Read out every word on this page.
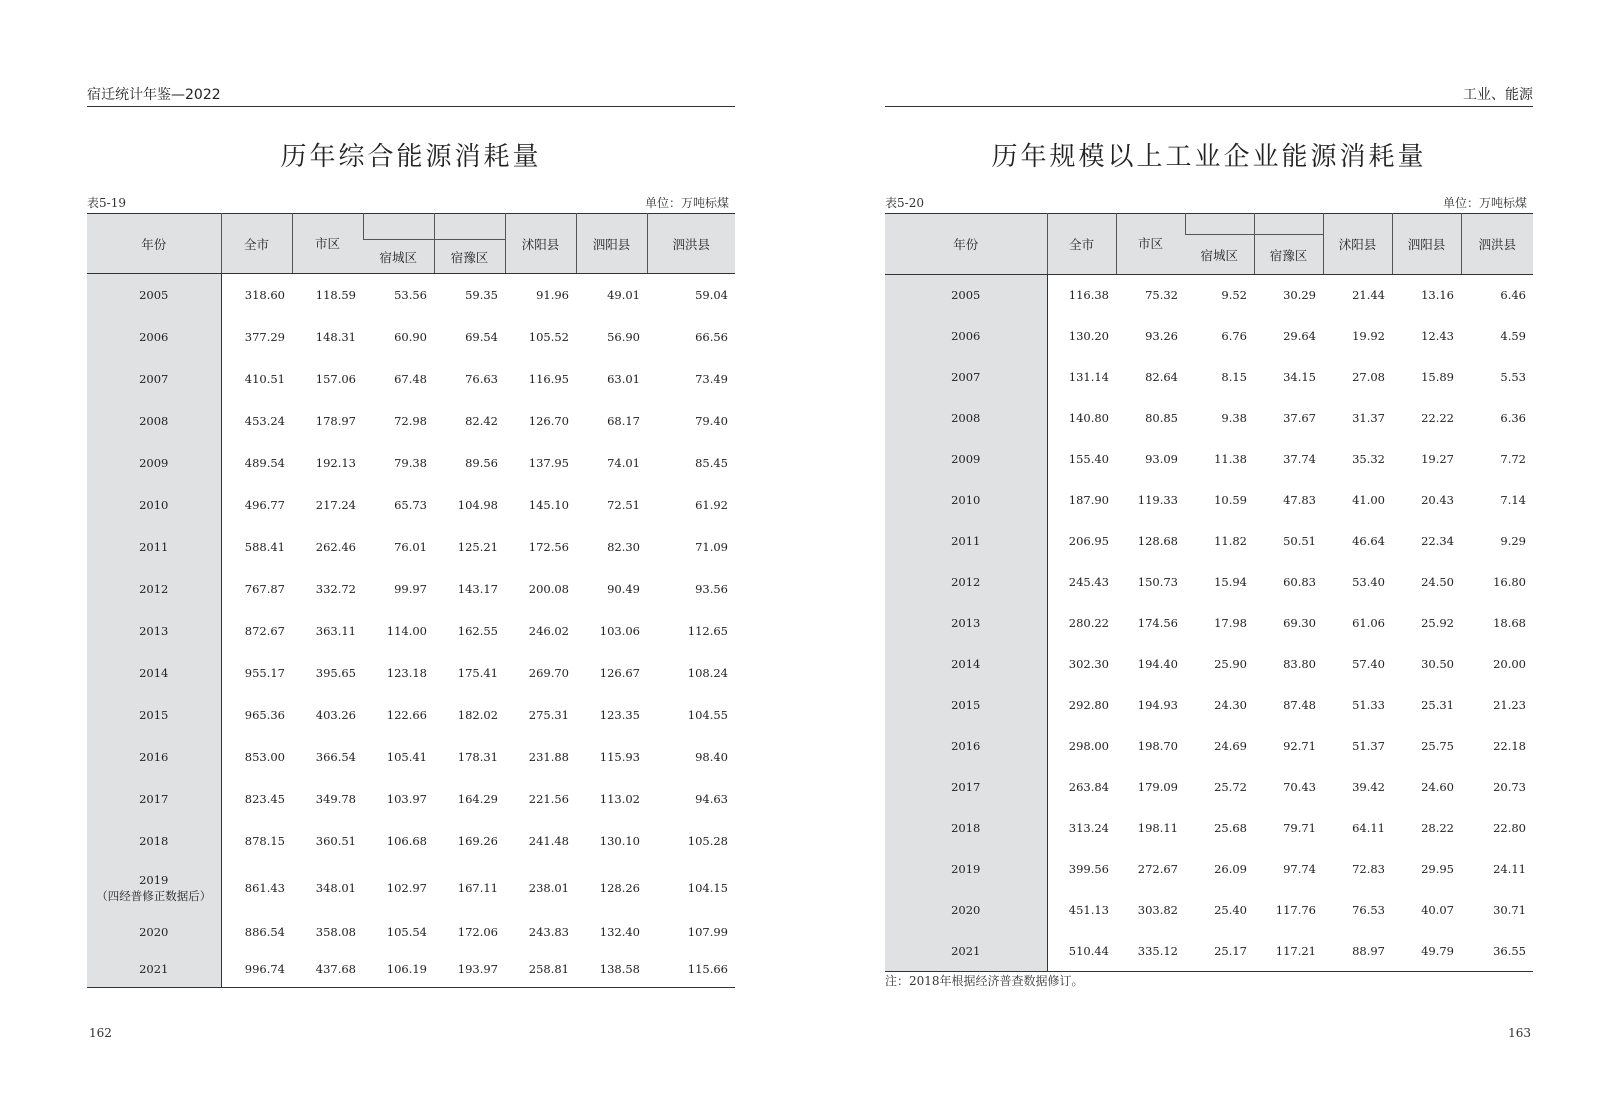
宿迁统计年鉴—2022
历年综合能源消耗量
表5-19	单位：万吨标煤
年份	全市	市区			沭阳县	泗阳县	泗洪县
			宿城区	宿豫区			
2005	318.60	118.59	53.56	59.35	91.96	49.01	59.04
2006	377.29	148.31	60.90	69.54	105.52	56.90	66.56
2007	410.51	157.06	67.48	76.63	116.95	63.01	73.49
2008	453.24	178.97	72.98	82.42	126.70	68.17	79.40
2009	489.54	192.13	79.38	89.56	137.95	74.01	85.45
2010	496.77	217.24	65.73	104.98	145.10	72.51	61.92
2011	588.41	262.46	76.01	125.21	172.56	82.30	71.09
2012	767.87	332.72	99.97	143.17	200.08	90.49	93.56
2013	872.67	363.11	114.00	162.55	246.02	103.06	112.65
2014	955.17	395.65	123.18	175.41	269.70	126.67	108.24
2015	965.36	403.26	122.66	182.02	275.31	123.35	104.55
2016	853.00	366.54	105.41	178.31	231.88	115.93	98.40
2017	823.45	349.78	103.97	164.29	221.56	113.02	94.63
2018	878.15	360.51	106.68	169.26	241.48	130.10	105.28
2019
（四经普修正数据后）	861.43	348.01	102.97	167.11	238.01	128.26	104.15
2020	886.54	358.08	105.54	172.06	243.83	132.40	107.99
2021	996.74	437.68	106.19	193.97	258.81	138.58	115.66
162
工业、能源
历年规模以上工业企业能源消耗量
表5-20	单位：万吨标煤
年份	全市	市区			沭阳县	泗阳县	泗洪县
			宿城区	宿豫区			
2005	116.38	75.32	9.52	30.29	21.44	13.16	6.46
2006	130.20	93.26	6.76	29.64	19.92	12.43	4.59
2007	131.14	82.64	8.15	34.15	27.08	15.89	5.53
2008	140.80	80.85	9.38	37.67	31.37	22.22	6.36
2009	155.40	93.09	11.38	37.74	35.32	19.27	7.72
2010	187.90	119.33	10.59	47.83	41.00	20.43	7.14
2011	206.95	128.68	11.82	50.51	46.64	22.34	9.29
2012	245.43	150.73	15.94	60.83	53.40	24.50	16.80
2013	280.22	174.56	17.98	69.30	61.06	25.92	18.68
2014	302.30	194.40	25.90	83.80	57.40	30.50	20.00
2015	292.80	194.93	24.30	87.48	51.33	25.31	21.23
2016	298.00	198.70	24.69	92.71	51.37	25.75	22.18
2017	263.84	179.09	25.72	70.43	39.42	24.60	20.73
2018	313.24	198.11	25.68	79.71	64.11	28.22	22.80
2019	399.56	272.67	26.09	97.74	72.83	29.95	24.11
2020	451.13	303.82	25.40	117.76	76.53	40.07	30.71
2021	510.44	335.12	25.17	117.21	88.97	49.79	36.55
注：2018年根据经济普查数据修订。
163
